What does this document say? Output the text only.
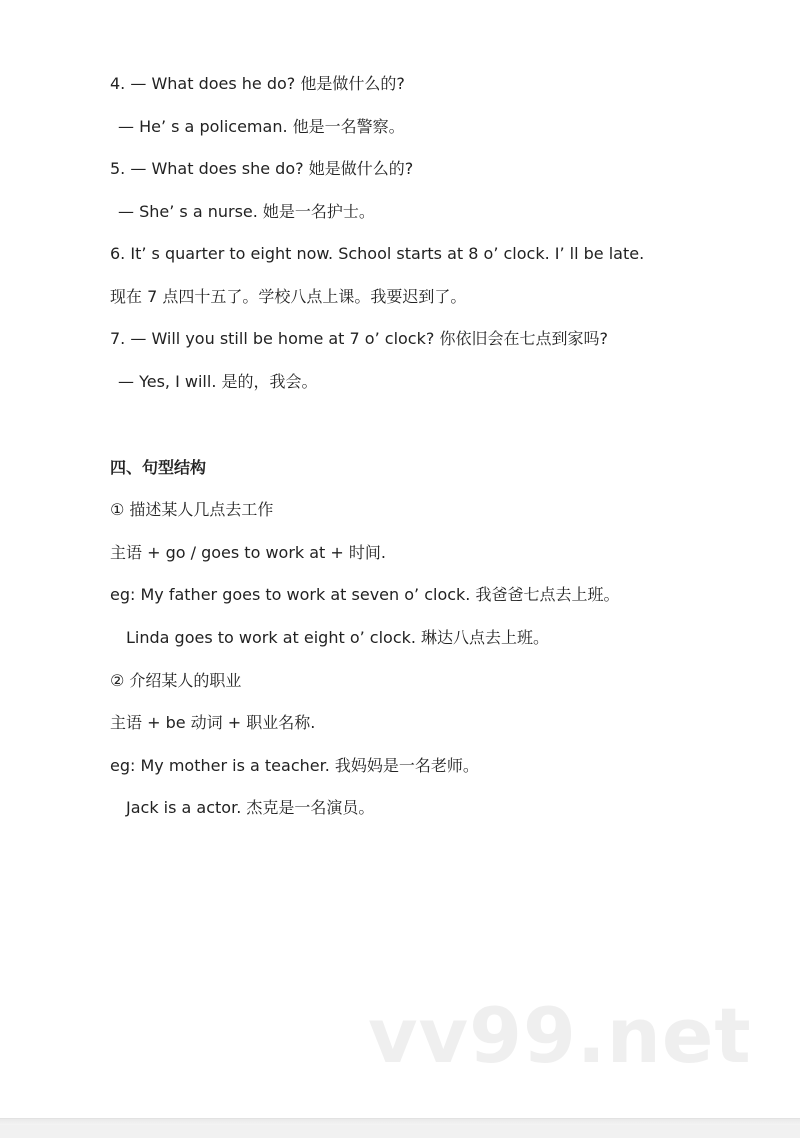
4. — What does he do? 他是做什么的?
— He’ s a policeman. 他是一名警察。
5. — What does she do? 她是做什么的?
— She’ s a nurse. 她是一名护士。
6. It’ s quarter to eight now. School starts at 8 o’ clock. I’ ll be late.
现在 7 点四十五了。学校八点上课。我要迟到了。
7. — Will you still be home at 7 o’ clock? 你依旧会在七点到家吗?
— Yes, I will. 是的，我会。
四、句型结构
① 描述某人几点去工作
主语 + go / goes to work at + 时间.
eg: My father goes to work at seven o’ clock. 我爸爸七点去上班。
Linda goes to work at eight o’ clock. 琳达八点去上班。
② 介绍某人的职业
主语 + be 动词 + 职业名称.
eg: My mother is a teacher. 我妈妈是一名老师。
Jack is a actor. 杰克是一名演员。
vv99.net
